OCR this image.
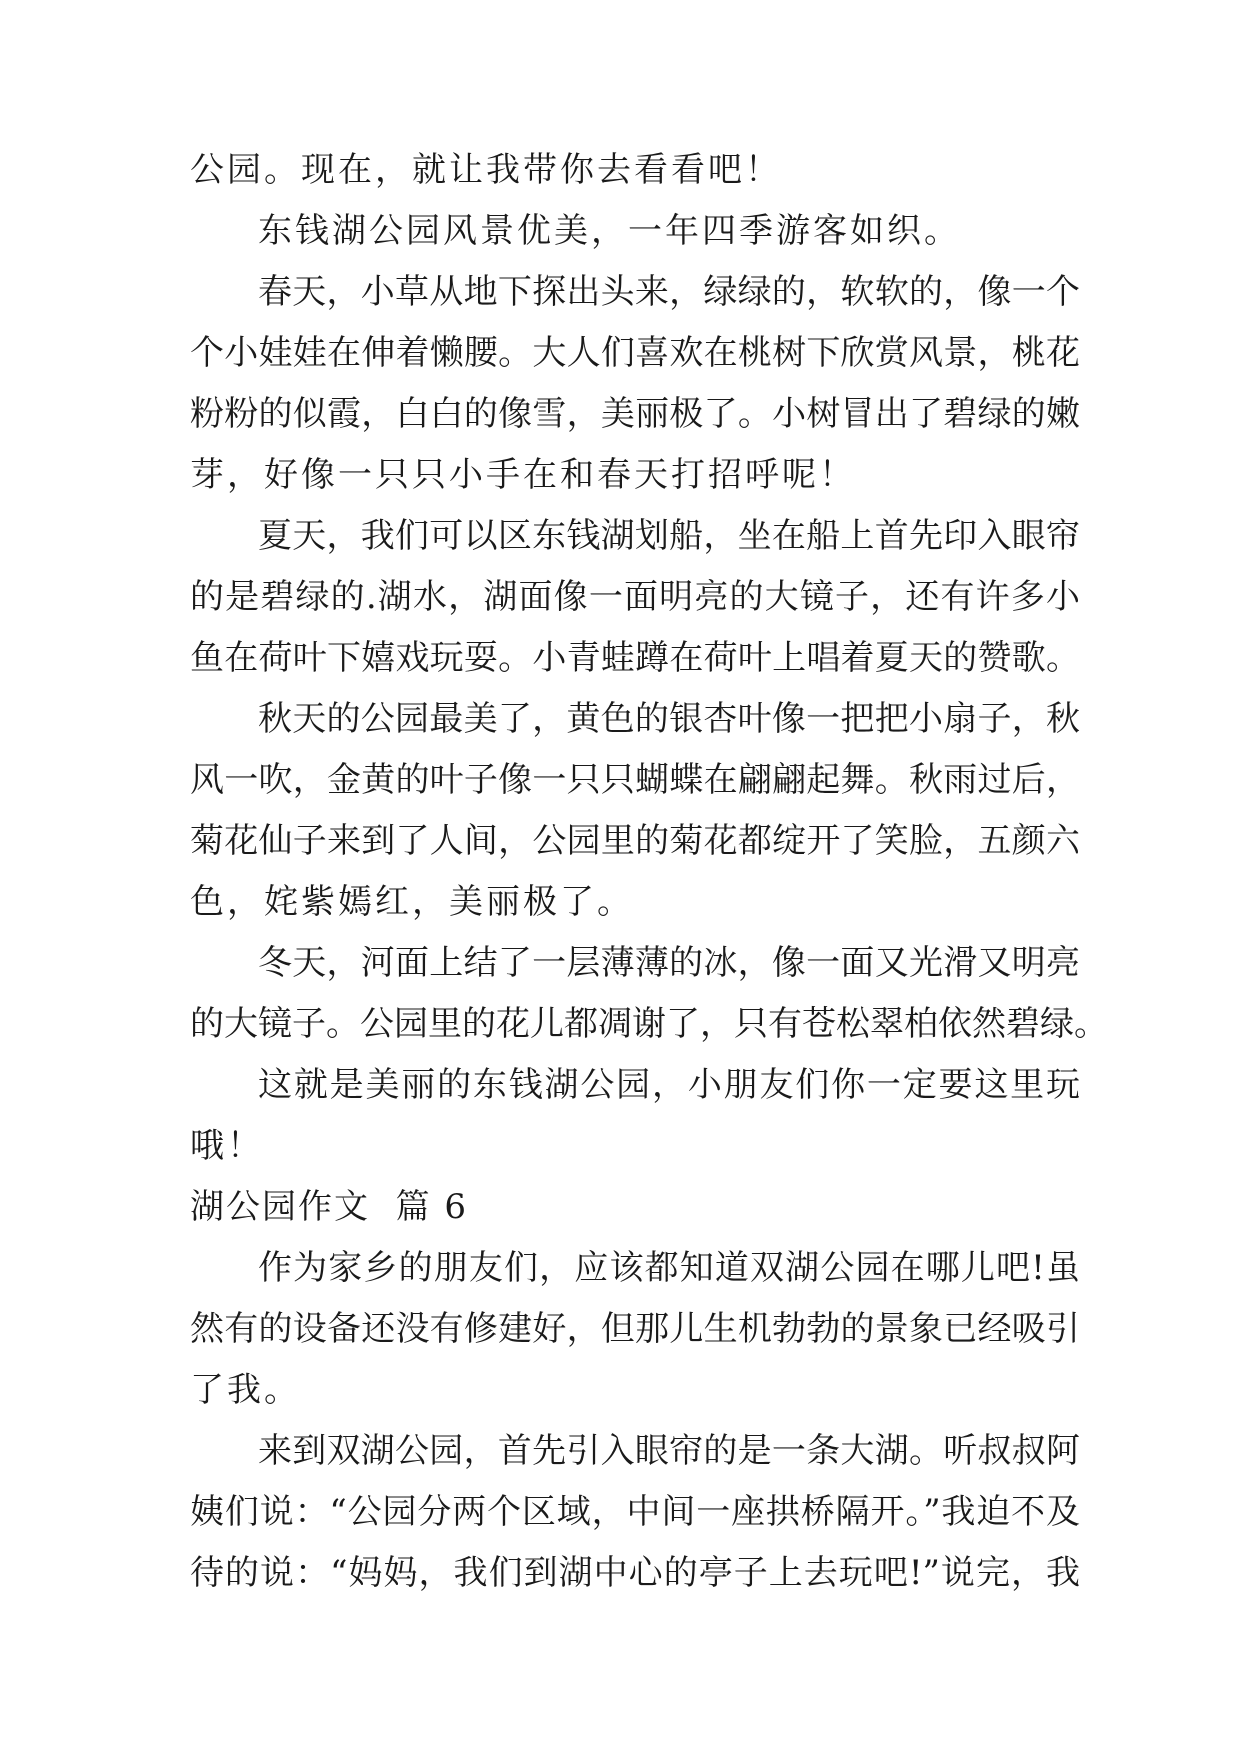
公园。现在，就让我带你去看看吧！
东钱湖公园风景优美，一年四季游客如织。
春天，小草从地下探出头来，绿绿的，软软的，像一个
个小娃娃在伸着懒腰。大人们喜欢在桃树下欣赏风景，桃花
粉粉的似霞，白白的像雪，美丽极了。小树冒出了碧绿的嫩
芽，好像一只只小手在和春天打招呼呢！
夏天，我们可以区东钱湖划船，坐在船上首先印入眼帘
的是碧绿的.湖水，湖面像一面明亮的大镜子，还有许多小
鱼在荷叶下嬉戏玩耍。小青蛙蹲在荷叶上唱着夏天的赞歌。
秋天的公园最美了，黄色的银杏叶像一把把小扇子，秋
风一吹，金黄的叶子像一只只蝴蝶在翩翩起舞。秋雨过后，
菊花仙子来到了人间，公园里的菊花都绽开了笑脸，五颜六
色，姹紫嫣红，美丽极了。
冬天，河面上结了一层薄薄的冰，像一面又光滑又明亮
的大镜子。公园里的花儿都凋谢了，只有苍松翠柏依然碧绿。
这就是美丽的东钱湖公园，小朋友们你一定要这里玩
哦！
湖公园作文  篇 6
作为家乡的朋友们，应该都知道双湖公园在哪儿吧!虽
然有的设备还没有修建好，但那儿生机勃勃的景象已经吸引
了我。
来到双湖公园，首先引入眼帘的是一条大湖。听叔叔阿
姨们说：“公园分两个区域，中间一座拱桥隔开。”我迫不及
待的说：“妈妈，我们到湖中心的亭子上去玩吧!”说完，我
